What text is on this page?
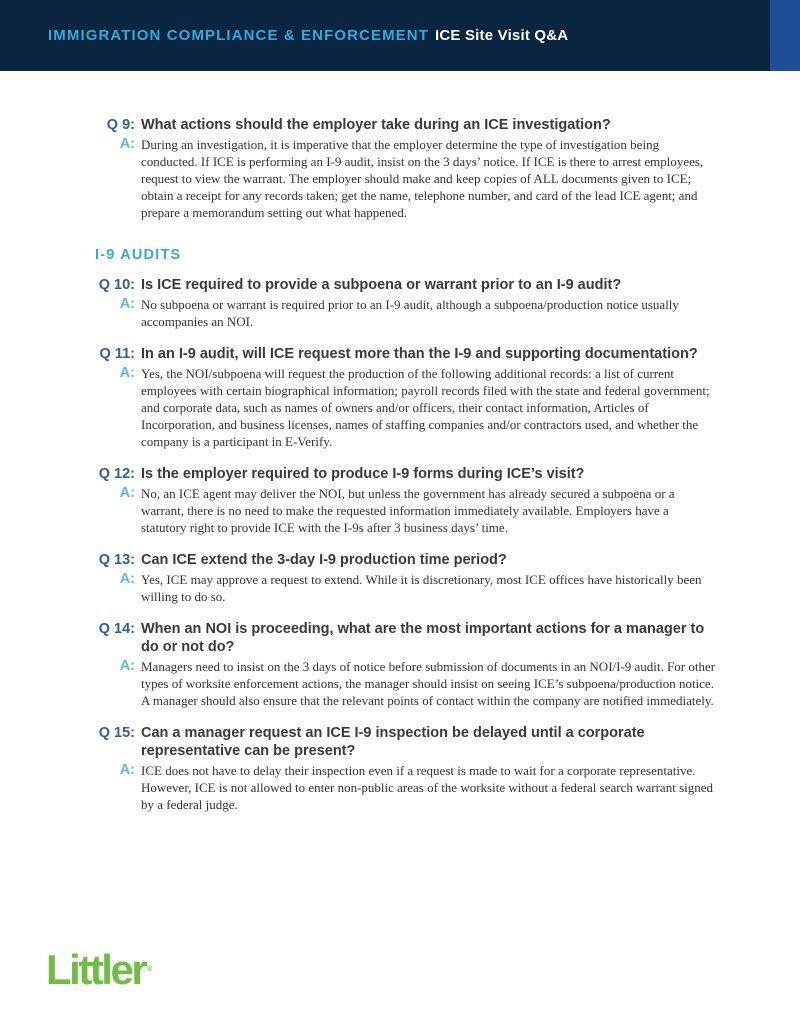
IMMIGRATION COMPLIANCE & ENFORCEMENT ICE Site Visit Q&A
Q 9: What actions should the employer take during an ICE investigation?
A: During an investigation, it is imperative that the employer determine the type of investigation being conducted. If ICE is performing an I-9 audit, insist on the 3 days’ notice. If ICE is there to arrest employees, request to view the warrant. The employer should make and keep copies of ALL documents given to ICE; obtain a receipt for any records taken; get the name, telephone number, and card of the lead ICE agent; and prepare a memorandum setting out what happened.
I-9 AUDITS
Q 10: Is ICE required to provide a subpoena or warrant prior to an I-9 audit?
A: No subpoena or warrant is required prior to an I-9 audit, although a subpoena/production notice usually accompanies an NOI.
Q 11: In an I-9 audit, will ICE request more than the I-9 and supporting documentation?
A: Yes, the NOI/subpoena will request the production of the following additional records: a list of current employees with certain biographical information; payroll records filed with the state and federal government; and corporate data, such as names of owners and/or officers, their contact information, Articles of Incorporation, and business licenses, names of staffing companies and/or contractors used, and whether the company is a participant in E-Verify.
Q 12: Is the employer required to produce I-9 forms during ICE’s visit?
A: No, an ICE agent may deliver the NOI, but unless the government has already secured a subpoena or a warrant, there is no need to make the requested information immediately available. Employers have a statutory right to provide ICE with the I-9s after 3 business days’ time.
Q 13: Can ICE extend the 3-day I-9 production time period?
A: Yes, ICE may approve a request to extend. While it is discretionary, most ICE offices have historically been willing to do so.
Q 14: When an NOI is proceeding, what are the most important actions for a manager to do or not do?
A: Managers need to insist on the 3 days of notice before submission of documents in an NOI/I-9 audit. For other types of worksite enforcement actions, the manager should insist on seeing ICE’s subpoena/production notice. A manager should also ensure that the relevant points of contact within the company are notified immediately.
Q 15: Can a manager request an ICE I-9 inspection be delayed until a corporate representative can be present?
A: ICE does not have to delay their inspection even if a request is made to wait for a corporate representative. However, ICE is not allowed to enter non-public areas of the worksite without a federal search warrant signed by a federal judge.
Littler ®
